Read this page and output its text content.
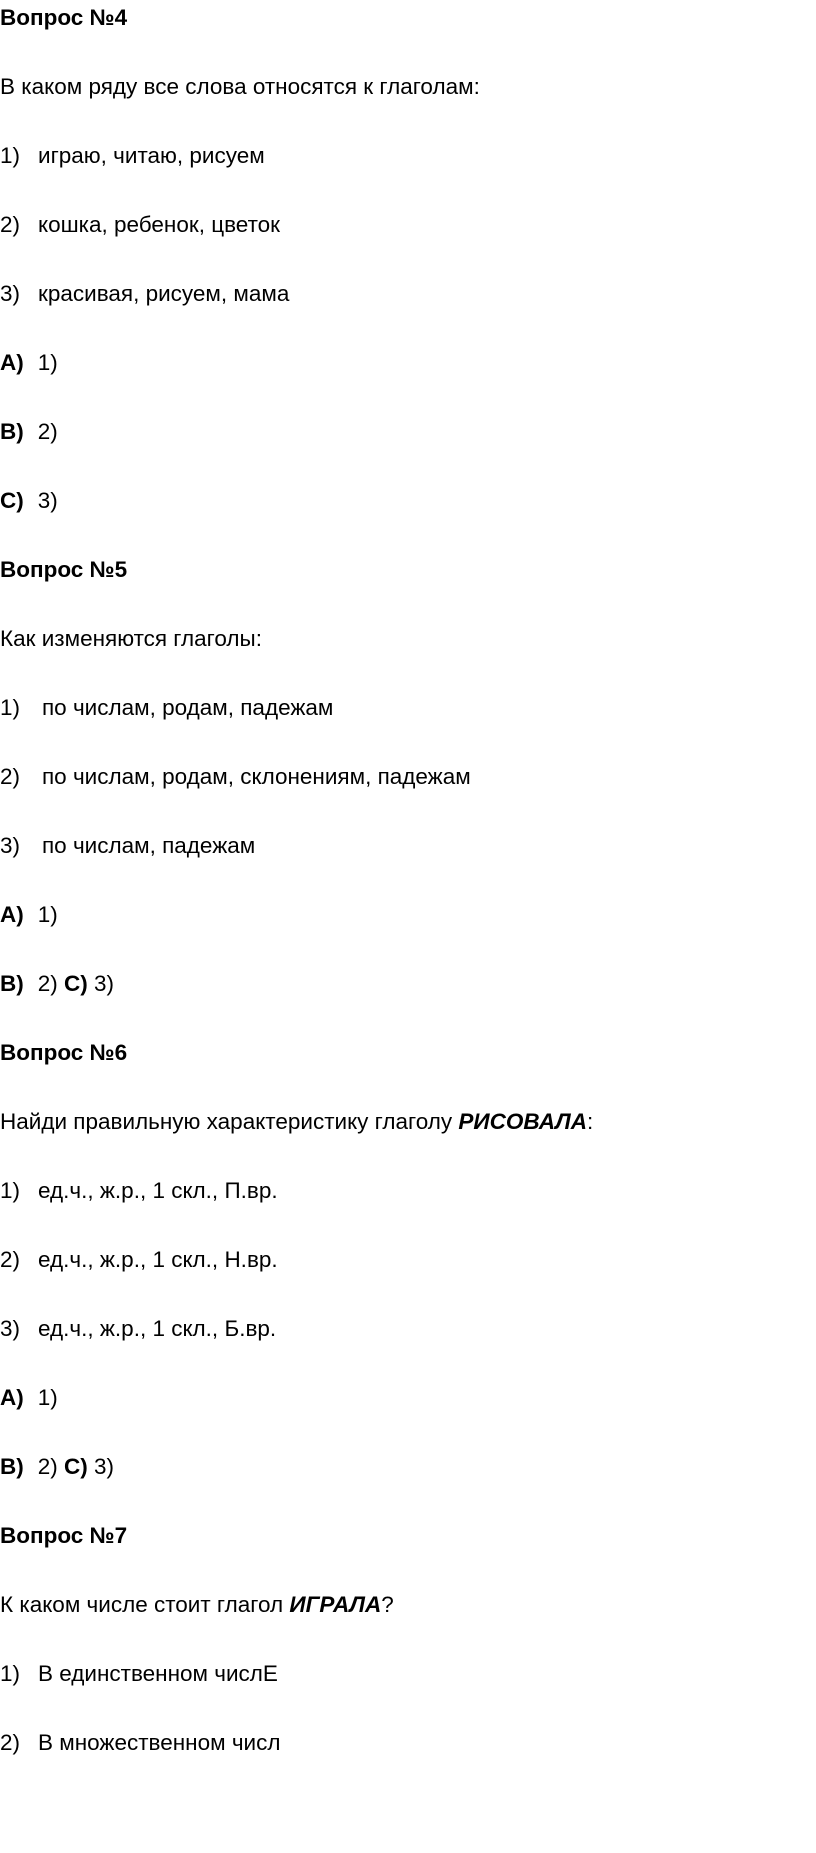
Вопрос №4
В каком ряду все слова относятся к глаголам:
1) играю, читаю, рисуем
2) кошка, ребенок, цветок
3) красивая, рисуем, мама
А) 1)
В) 2)
С) 3)
Вопрос №5
Как изменяются глаголы:
1) по числам, родам, падежам
2) по числам, родам, склонениям, падежам
3) по числам, падежам
А) 1)
В) 2) С) 3)
Вопрос №6
Найди правильную характеристику глаголу РИСОВАЛА:
1) ед.ч., ж.р., 1 скл., П.вр.
2) ед.ч., ж.р., 1 скл., Н.вр.
3) ед.ч., ж.р., 1 скл., Б.вр.
А) 1)
В) 2) С) 3)
Вопрос №7
К каком числе стоит глагол ИГРАЛА?
1) В единственном числЕ
2) В множественном числ
